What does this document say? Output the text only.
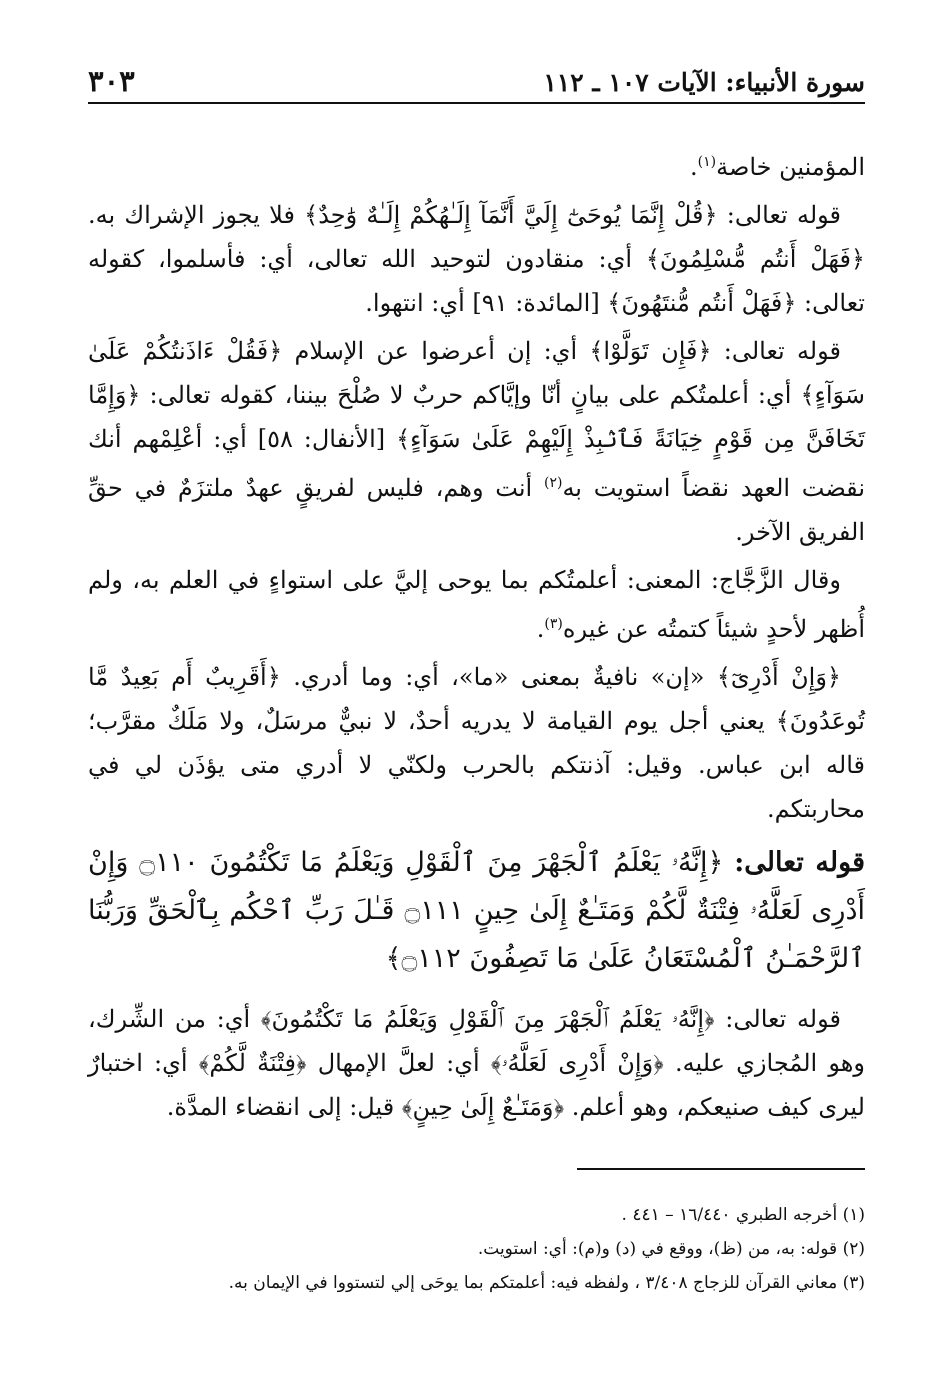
سورة الأنبياء: الآيات ١٠٧ ـ ١١٢
٣٠٣

المؤمنين خاصة$^{(١)}$.

قوله تعالى: ﴿قُلْ إِنَّمَا يُوحَىٰٓ إِلَيَّ أَنَّمَآ إِلَـٰهُكُمْ إِلَـٰهٌ وَٰحِدٌ﴾ فلا يجوز الإشراك به. ﴿فَهَلْ أَنتُم مُّسْلِمُونَ﴾ أي: منقادون لتوحيد الله تعالى، أي: فأسلموا، كقوله تعالى: ﴿فَهَلْ أَنتُم مُّنتَهُونَ﴾ [المائدة: ٩١] أي: انتهوا.

قوله تعالى: ﴿فَإِن تَوَلَّوْا﴾ أي: إن أعرضوا عن الإسلام ﴿فَقُلْ ءَاذَنتُكُمْ عَلَىٰ سَوَآءٍ﴾ أي: أعلمتُكم على بيانٍ أنّا وإيَّاكم حربٌ لا صُلْحَ بيننا، كقوله تعالى: ﴿وَإِمَّا تَخَافَنَّ مِن قَوْمٍ خِيَانَةً فَٱنۢبِذْ إِلَيْهِمْ عَلَىٰ سَوَآءٍ﴾ [الأنفال: ٥٨] أي: أعْلِمْهم أنك نقضت العهد نقضاً استويت به$^{(٢)}$ أنت وهم، فليس لفريقٍ عهدٌ ملتزَمٌ في حقِّ الفريق الآخر.

وقال الزَّجَّاج: المعنى: أعلمتُكم بما يوحى إليَّ على استواءٍ في العلم به، ولم أُظهر لأحدٍ شيئاً كتمتُه عن غيره$^{(٣)}$.

﴿وَإِنْ أَدْرِىٓ﴾ «إن» نافيةٌ بمعنى «ما»، أي: وما أدري. ﴿أَقَرِيبٌ أَم بَعِيدٌ مَّا تُوعَدُونَ﴾ يعني أجل يوم القيامة لا يدريه أحدٌ، لا نبيٌّ مرسَلٌ، ولا مَلَكٌ مقرَّب؛ قاله ابن عباس. وقيل: آذنتكم بالحرب ولكنّي لا أدري متى يؤذَن لي في محاربتكم.

قوله تعالى: ﴿إِنَّهُۥ يَعْلَمُ ٱلْجَهْرَ مِنَ ٱلْقَوْلِ وَيَعْلَمُ مَا تَكْتُمُونَ ۝١١٠ وَإِنْ أَدْرِى لَعَلَّهُۥ فِتْنَةٌ لَّكُمْ وَمَتَـٰعٌ إِلَىٰ حِينٍ ۝١١١ قَـٰلَ رَبِّ ٱحْكُم بِٱلْحَقِّ وَرَبُّنَا ٱلرَّحْمَـٰنُ ٱلْمُسْتَعَانُ عَلَىٰ مَا تَصِفُونَ ۝١١٢﴾

قوله تعالى: ﴿إِنَّهُۥ يَعْلَمُ ٱلْجَهْرَ مِنَ ٱلْقَوْلِ وَيَعْلَمُ مَا تَكْتُمُونَ﴾ أي: من الشِّرك، وهو المُجازي عليه. ﴿وَإِنْ أَدْرِى لَعَلَّهُۥ﴾ أي: لعلَّ الإمهال ﴿فِتْنَةٌ لَّكُمْ﴾ أي: اختبارٌ ليرى كيف صنيعكم، وهو أعلم. ﴿وَمَتَـٰعٌ إِلَىٰ حِينٍ﴾ قيل: إلى انقضاء المدَّة.

(١) أخرجه الطبري ١٦/٤٤٠ – ٤٤١ .

(٢) قوله: به، من (ظ)، ووقع في (د) و(م): أي: استويت.

(٣) معاني القرآن للزجاج ٣/٤٠٨ ، ولفظه فيه: أعلمتكم بما يوحَى إلي لتستووا في الإيمان به.
